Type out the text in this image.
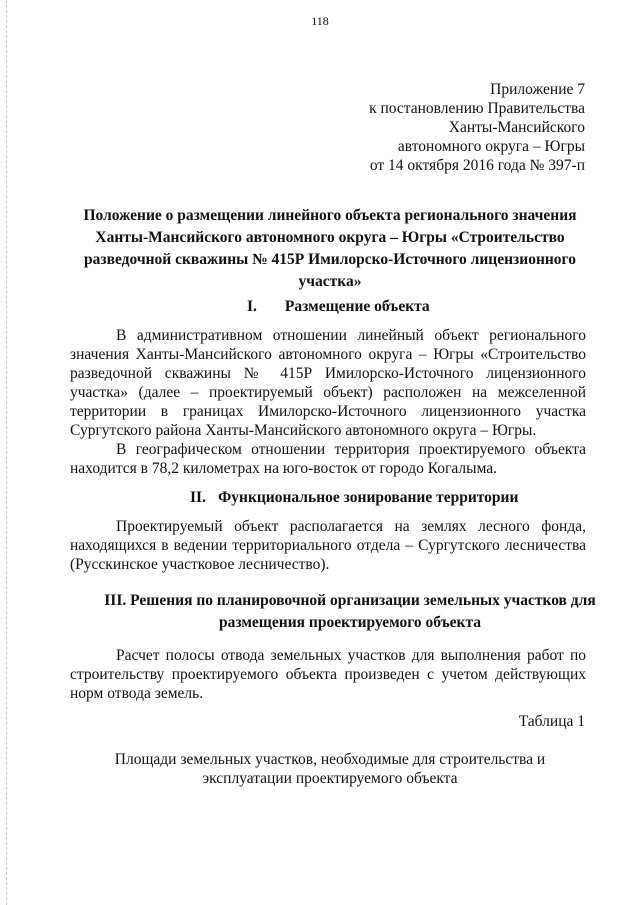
118
Приложение 7
к постановлению Правительства
Ханты-Мансийского
автономного округа – Югры
от 14 октября 2016 года № 397-п
Положение о размещении линейного объекта регионального значения Ханты-Мансийского автономного округа – Югры «Строительство разведочной скважины № 415Р Имилорско-Источного лицензионного участка»
I. Размещение объекта
В административном отношении линейный объект регионального значения Ханты-Мансийского автономного округа – Югры «Строительство разведочной скважины № 415Р Имилорско-Источного лицензионного участка» (далее – проектируемый объект) расположен на межселенной территории в границах Имилорско-Источного лицензионного участка Сургутского района Ханты-Мансийского автономного округа – Югры.
В географическом отношении территория проектируемого объекта находится в 78,2 километрах на юго-восток от городо Когалыма.
II. Функциональное зонирование территории
Проектируемый объект располагается на землях лесного фонда, находящихся в ведении территориального отдела – Сургутского лесничества (Русскинское участковое лесничество).
III. Решения по планировочной организации земельных участков для размещения проектируемого объекта
Расчет полосы отвода земельных участков для выполнения работ по строительству проектируемого объекта произведен с учетом действующих норм отвода земель.
Таблица 1
Площади земельных участков, необходимые для строительства и эксплуатации проектируемого объекта
